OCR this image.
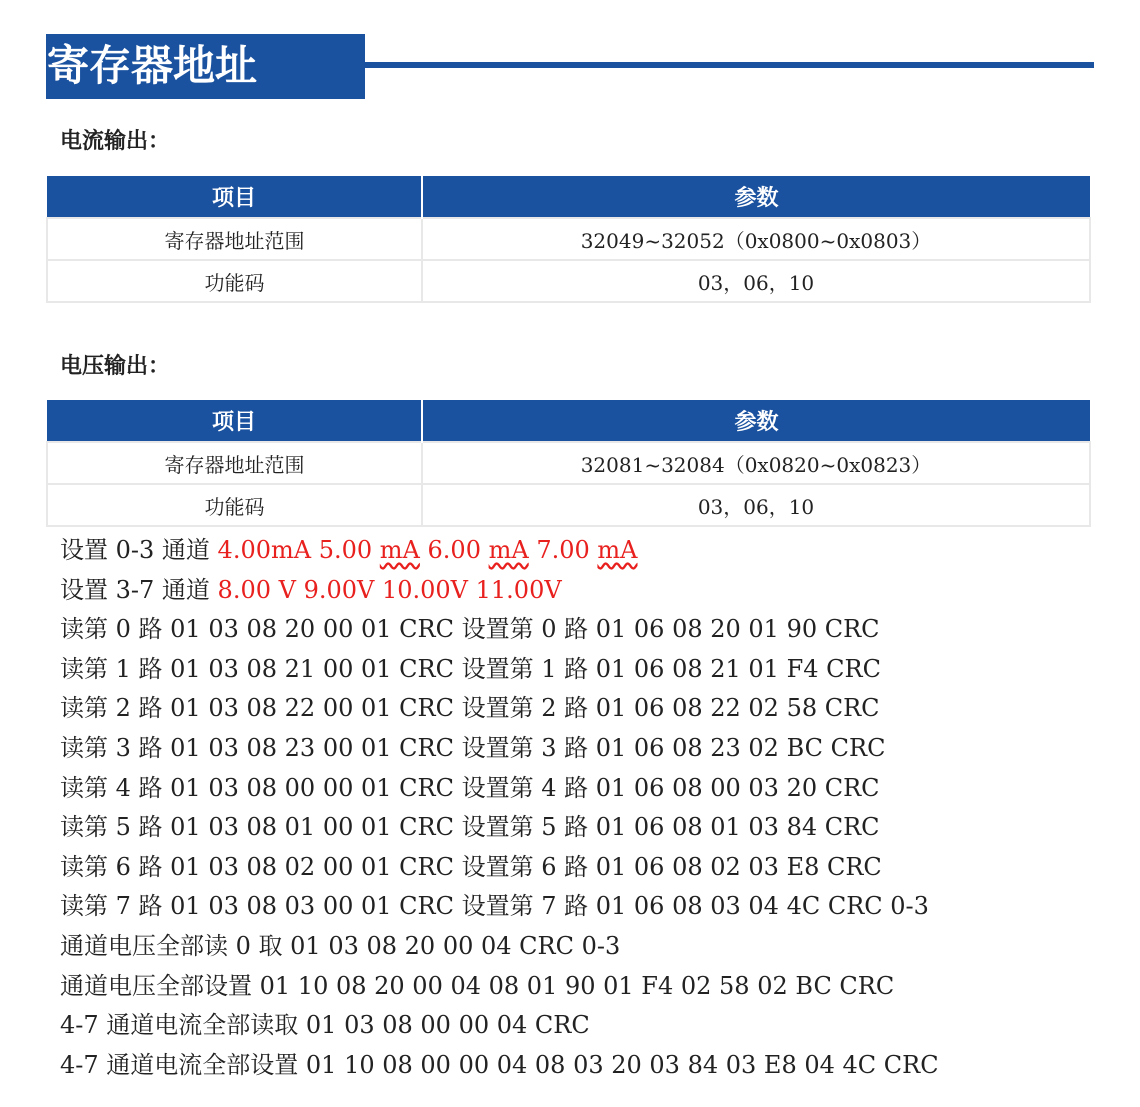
寄存器地址
电流输出：
项目	参数
寄存器地址范围	32049~32052（0x0800~0x0803）
功能码	03，06，10
电压输出：
项目	参数
寄存器地址范围	32081~32084（0x0820~0x0823）
功能码	03，06，10
设置 0-3 通道 4.00mA 5.00 mA 6.00 mA 7.00 mA
设置 3-7 通道 8.00 V 9.00V 10.00V 11.00V
读第 0 路 01 03 08 20 00 01 CRC 设置第 0 路 01 06 08 20 01 90 CRC
读第 1 路 01 03 08 21 00 01 CRC 设置第 1 路 01 06 08 21 01 F4 CRC
读第 2 路 01 03 08 22 00 01 CRC 设置第 2 路 01 06 08 22 02 58 CRC
读第 3 路 01 03 08 23 00 01 CRC 设置第 3 路 01 06 08 23 02 BC CRC
读第 4 路 01 03 08 00 00 01 CRC 设置第 4 路 01 06 08 00 03 20 CRC
读第 5 路 01 03 08 01 00 01 CRC 设置第 5 路 01 06 08 01 03 84 CRC
读第 6 路 01 03 08 02 00 01 CRC 设置第 6 路 01 06 08 02 03 E8 CRC
读第 7 路 01 03 08 03 00 01 CRC 设置第 7 路 01 06 08 03 04 4C CRC 0-3
通道电压全部读 0 取 01 03 08 20 00 04 CRC 0-3
通道电压全部设置 01 10 08 20 00 04 08 01 90 01 F4 02 58 02 BC CRC
4-7 通道电流全部读取 01 03 08 00 00 04 CRC
4-7 通道电流全部设置 01 10 08 00 00 04 08 03 20 03 84 03 E8 04 4C CRC
